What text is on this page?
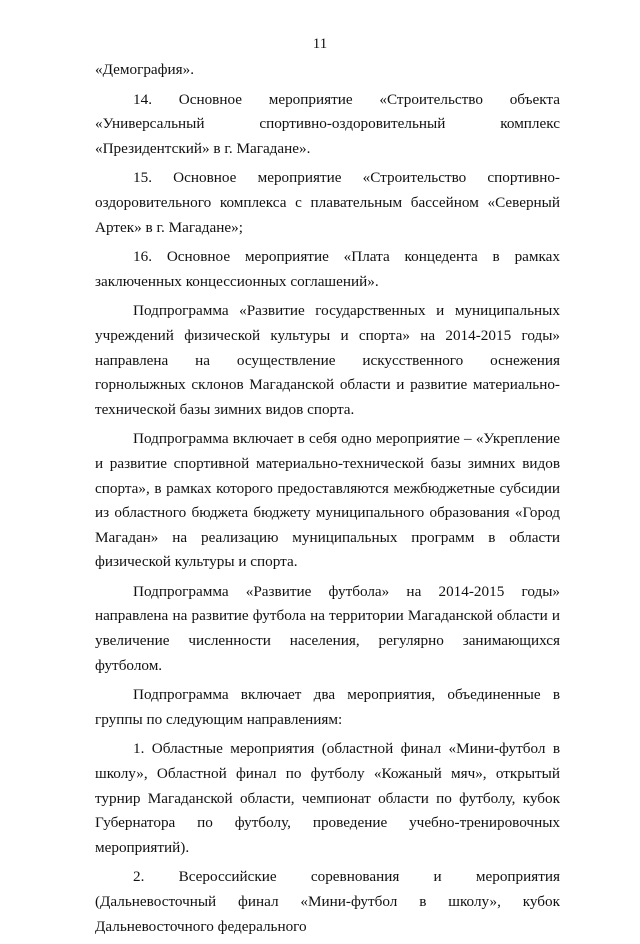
11

«Демография».

14. Основное мероприятие «Строительство объекта «Универсальный спортивно-оздоровительный комплекс «Президентский» в г. Магадане».

15. Основное мероприятие «Строительство спортивно-оздоровительного комплекса с плавательным бассейном «Северный Артек» в г. Магадане»;

16. Основное мероприятие «Плата концедента в рамках заключенных концессионных соглашений».

Подпрограмма «Развитие государственных и муниципальных учреждений физической культуры и спорта» на 2014-2015 годы» направлена на осуществление искусственного оснежения горнолыжных склонов Магаданской области и развитие материально-технической базы зимних видов спорта.

Подпрограмма включает в себя одно мероприятие – «Укрепление и развитие спортивной материально-технической базы зимних видов спорта», в рамках которого предоставляются межбюджетные субсидии из областного бюджета бюджету муниципального образования «Город Магадан» на реализацию муниципальных программ в области физической культуры и спорта.

Подпрограмма «Развитие футбола» на 2014-2015 годы» направлена на развитие футбола на территории Магаданской области и увеличение численности населения, регулярно занимающихся футболом.

Подпрограмма включает два мероприятия, объединенные в группы по следующим направлениям:

1. Областные мероприятия (областной финал «Мини-футбол в школу», Областной финал по футболу «Кожаный мяч», открытый турнир Магаданской области, чемпионат области по футболу, кубок Губернатора по футболу, проведение учебно-тренировочных мероприятий).

2. Всероссийские соревнования и мероприятия (Дальневосточный финал «Мини-футбол в школу», кубок Дальневосточного федерального
